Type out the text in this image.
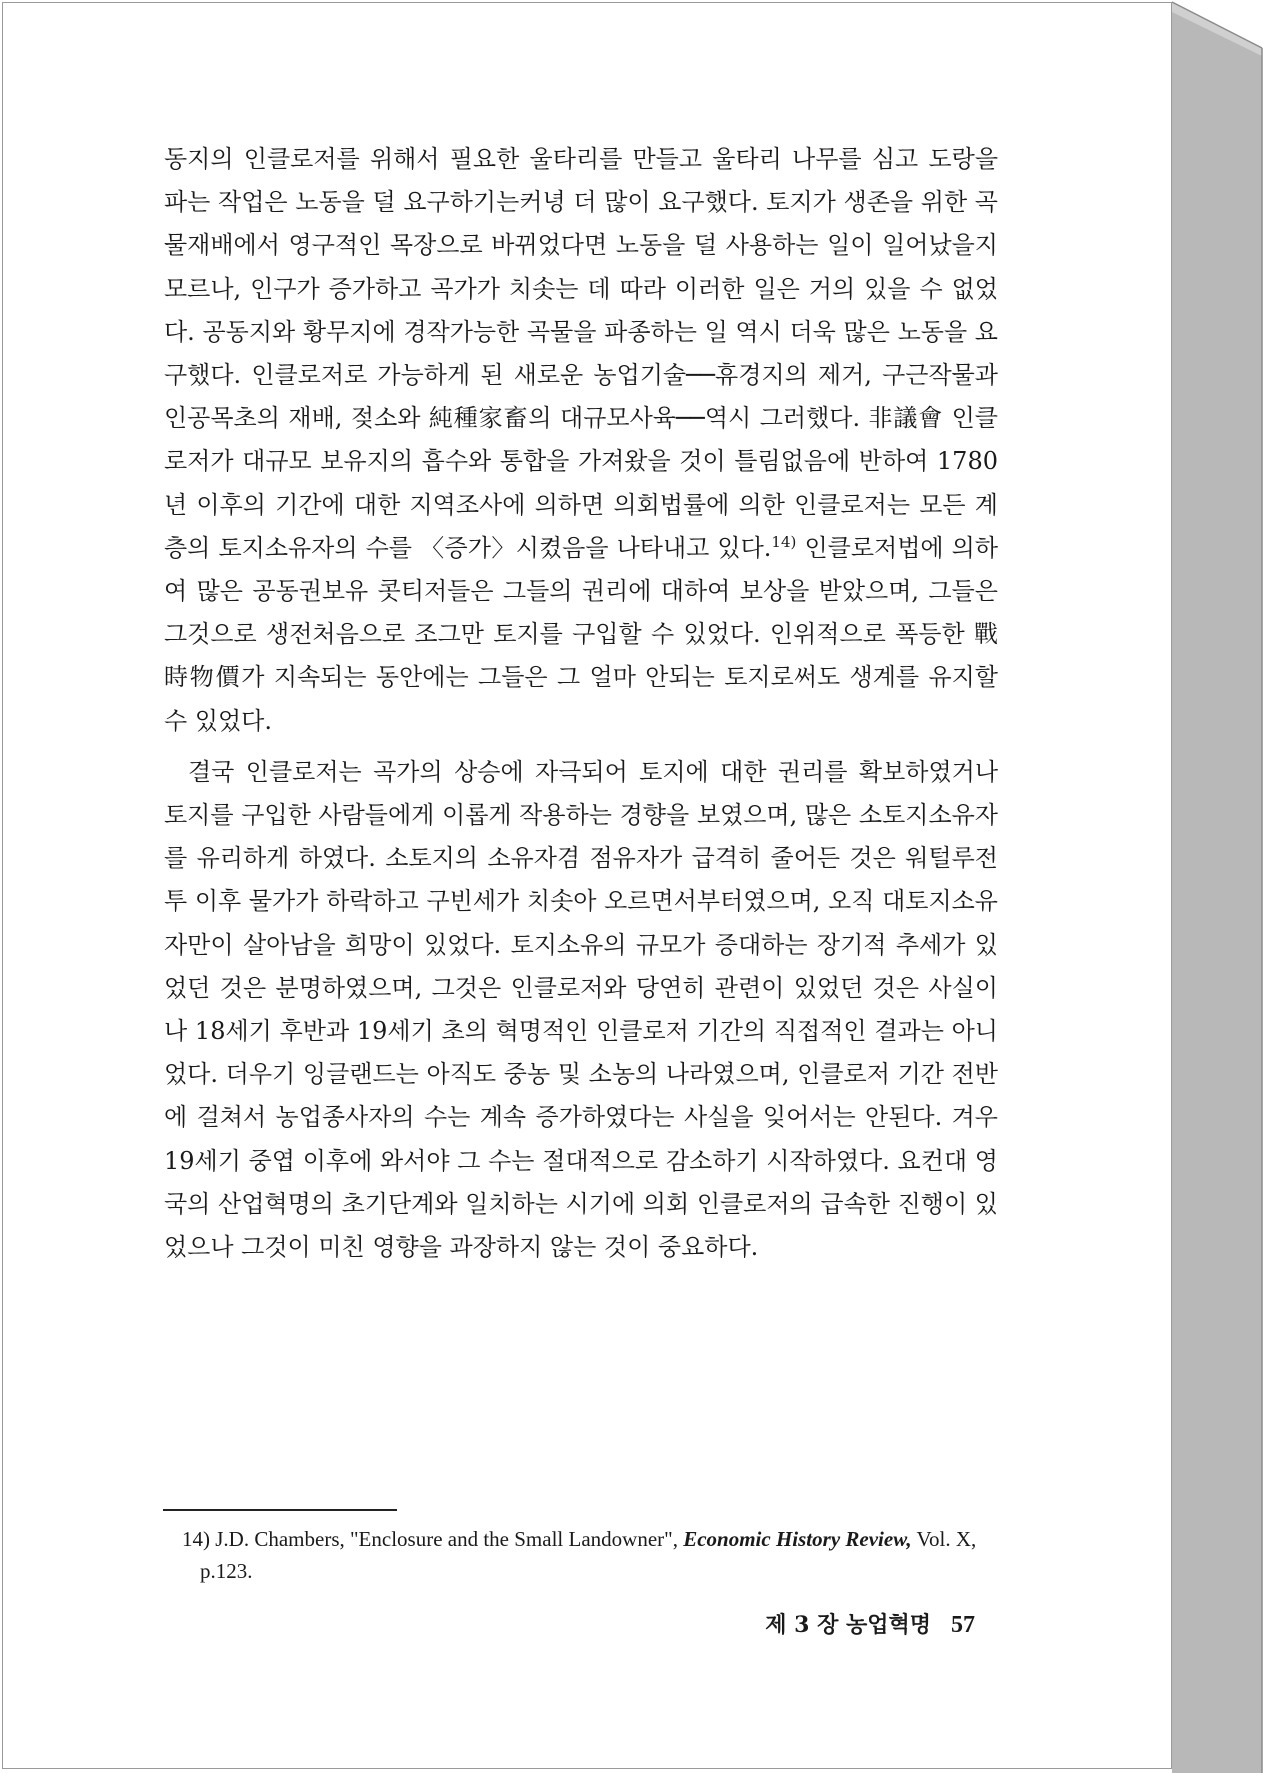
동지의 인클로저를 위해서 필요한 울타리를 만들고 울타리 나무를 심고 도랑을 파는 작업은 노동을 덜 요구하기는커녕 더 많이 요구했다. 토지가 생존을 위한 곡물재배에서 영구적인 목장으로 바뀌었다면 노동을 덜 사용하는 일이 일어났을지 모르나, 인구가 증가하고 곡가가 치솟는 데 따라 이러한 일은 거의 있을 수 없었다. 공동지와 황무지에 경작가능한 곡물을 파종하는 일 역시 더욱 많은 노동을 요구했다. 인클로저로 가능하게 된 새로운 농업기술──휴경지의 제거, 구근작물과 인공목초의 재배, 젖소와 純種家畜의 대규모사육──역시 그러했다. 非議會 인클로저가 대규모 보유지의 흡수와 통합을 가져왔을 것이 틀림없음에 반하여 1780년 이후의 기간에 대한 지역조사에 의하면 의회법률에 의한 인클로저는 모든 계층의 토지소유자의 수를 〈증가〉시켰음을 나타내고 있다.$^{14)}$ 인클로저법에 의하여 많은 공동권보유 콧티저들은 그들의 권리에 대하여 보상을 받았으며, 그들은 그것으로 생전처음으로 조그만 토지를 구입할 수 있었다. 인위적으로 폭등한 戰時物價가 지속되는 동안에는 그들은 그 얼마 안되는 토지로써도 생계를 유지할 수 있었다.

결국 인클로저는 곡가의 상승에 자극되어 토지에 대한 권리를 확보하였거나 토지를 구입한 사람들에게 이롭게 작용하는 경향을 보였으며, 많은 소토지소유자를 유리하게 하였다. 소토지의 소유자겸 점유자가 급격히 줄어든 것은 워털루전투 이후 물가가 하락하고 구빈세가 치솟아 오르면서부터였으며, 오직 대토지소유자만이 살아남을 희망이 있었다. 토지소유의 규모가 증대하는 장기적 추세가 있었던 것은 분명하였으며, 그것은 인클로저와 당연히 관련이 있었던 것은 사실이나 18세기 후반과 19세기 초의 혁명적인 인클로저 기간의 직접적인 결과는 아니었다. 더우기 잉글랜드는 아직도 중농 및 소농의 나라였으며, 인클로저 기간 전반에 걸쳐서 농업종사자의 수는 계속 증가하였다는 사실을 잊어서는 안된다. 겨우 19세기 중엽 이후에 와서야 그 수는 절대적으로 감소하기 시작하였다. 요컨대 영국의 산업혁명의 초기단계와 일치하는 시기에 의회 인클로저의 급속한 진행이 있었으나 그것이 미친 영향을 과장하지 않는 것이 중요하다.

14) J.D. Chambers, "Enclosure and the Small Landowner", Economic History Review, Vol. X, p.123.
제 3 장 농업혁명 57
